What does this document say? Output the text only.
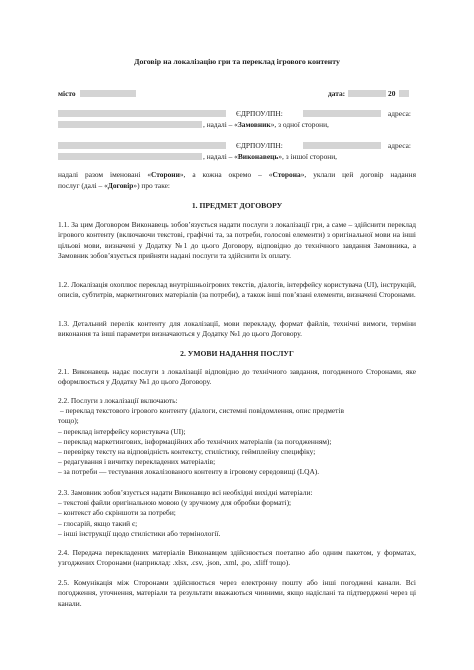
Договір на локалізацію гри та переклад ігрового контенту
місто	дата:	20
ЄДРПОУ/ІПН:	адреса:
, надалі – «Замовник», з одної сторони,
ЄДРПОУ/ІПН:	адреса:
, надалі – «Виконавець», з іншої сторони,
надалі разом іменовані «Сторони», а кожна окремо – «Сторона», уклали цей договір надання
послуг (далі – «Договір») про таке:
1. ПРЕДМЕТ ДОГОВОРУ
1.1. За цим Договором Виконавець зобов’язується надати послуги з локалізації гри, а саме – здійснити переклад ігрового контенту (включаючи текстові, графічні та, за потреби, голосові елементи) з оригінальної мови на інші цільові мови, визначені у Додатку №1 до цього Договору, відповідно до технічного завдання Замовника, а Замовник зобов’язується прийняти надані послуги та здійснити їх оплату.
1.2. Локалізація охоплює переклад внутрішньоігрових текстів, діалогів, інтерфейсу користувача (UI), інструкцій, описів, субтитрів, маркетингових матеріалів (за потреби), а також інші пов’язані елементи, визначені Сторонами.
1.3. Детальний перелік контенту для локалізації, мови перекладу, формат файлів, технічні вимоги, терміни виконання та інші параметри визначаються у Додатку №1 до цього Договору.
2. УМОВИ НАДАННЯ ПОСЛУГ
2.1. Виконавець надає послуги з локалізації відповідно до технічного завдання, погодженого Сторонами, яке оформлюється у Додатку №1 до цього Договору.
2.2. Послуги з локалізації включають:
– переклад текстового ігрового контенту (діалоги, системні повідомлення, опис предметів
тощо);
– переклад інтерфейсу користувача (UI);
– переклад маркетингових, інформаційних або технічних матеріалів (за погодженням);
– перевірку тексту на відповідність контексту, стилістику, геймплейну специфіку;
– редагування і вичитку перекладених матеріалів;
– за потреби — тестування локалізованого контенту в ігровому середовищі (LQA).
2.3. Замовник зобов’язується надати Виконавцю всі необхідні вихідні матеріали:
– текстові файли оригінальною мовою (у зручному для обробки форматі);
– контекст або скріншоти за потреби;
– глосарій, якщо такий є;
– інші інструкції щодо стилістики або термінології.
2.4. Передача перекладених матеріалів Виконавцем здійснюється поетапно або одним пакетом, у форматах, узгоджених Сторонами (наприклад: .xlsx, .csv, .json, .xml, .po, .xliff тощо).
2.5. Комунікація між Сторонами здійснюється через електронну пошту або інші погоджені канали. Всі погодження, уточнення, матеріали та результати вважаються чинними, якщо надіслані та підтверджені через ці канали.
